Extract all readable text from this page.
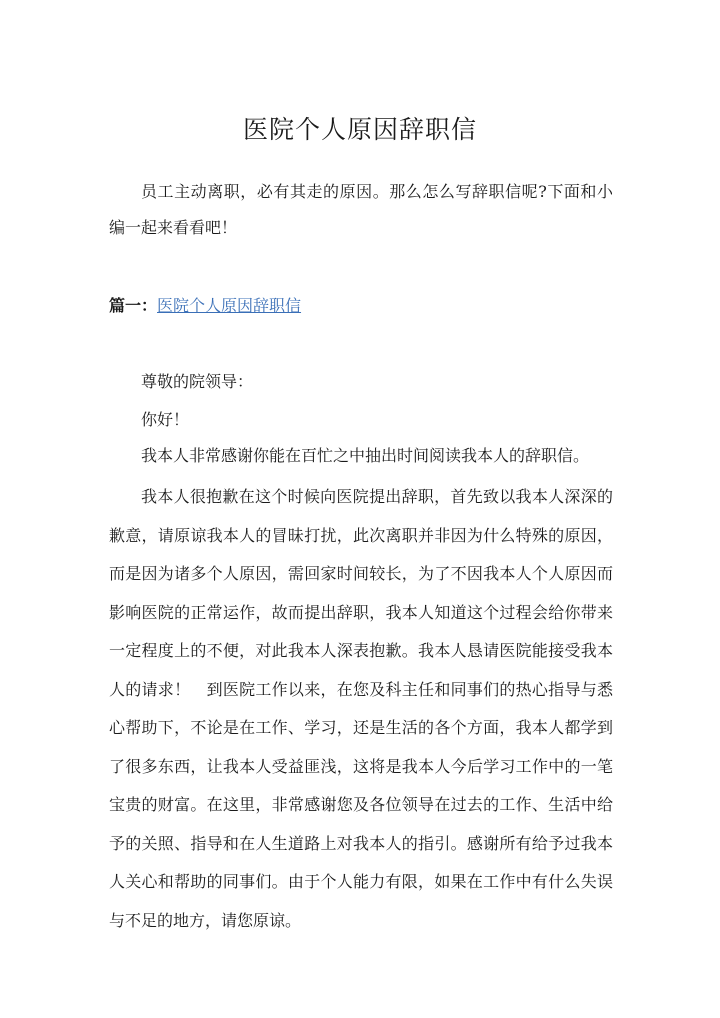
医院个人原因辞职信

员工主动离职，必有其走的原因。那么怎么写辞职信呢?下面和小编一起来看看吧！

篇一：医院个人原因辞职信

尊敬的院领导：

你好！

我本人非常感谢你能在百忙之中抽出时间阅读我本人的辞职信。

我本人很抱歉在这个时候向医院提出辞职，首先致以我本人深深的歉意，请原谅我本人的冒昧打扰，此次离职并非因为什么特殊的原因，而是因为诸多个人原因，需回家时间较长，为了不因我本人个人原因而影响医院的正常运作，故而提出辞职，我本人知道这个过程会给你带来一定程度上的不便，对此我本人深表抱歉。我本人恳请医院能接受我本人的请求！　到医院工作以来，在您及科主任和同事们的热心指导与悉心帮助下，不论是在工作、学习，还是生活的各个方面，我本人都学到了很多东西，让我本人受益匪浅，这将是我本人今后学习工作中的一笔宝贵的财富。在这里，非常感谢您及各位领导在过去的工作、生活中给予的关照、指导和在人生道路上对我本人的指引。感谢所有给予过我本人关心和帮助的同事们。由于个人能力有限，如果在工作中有什么失误与不足的地方，请您原谅。
